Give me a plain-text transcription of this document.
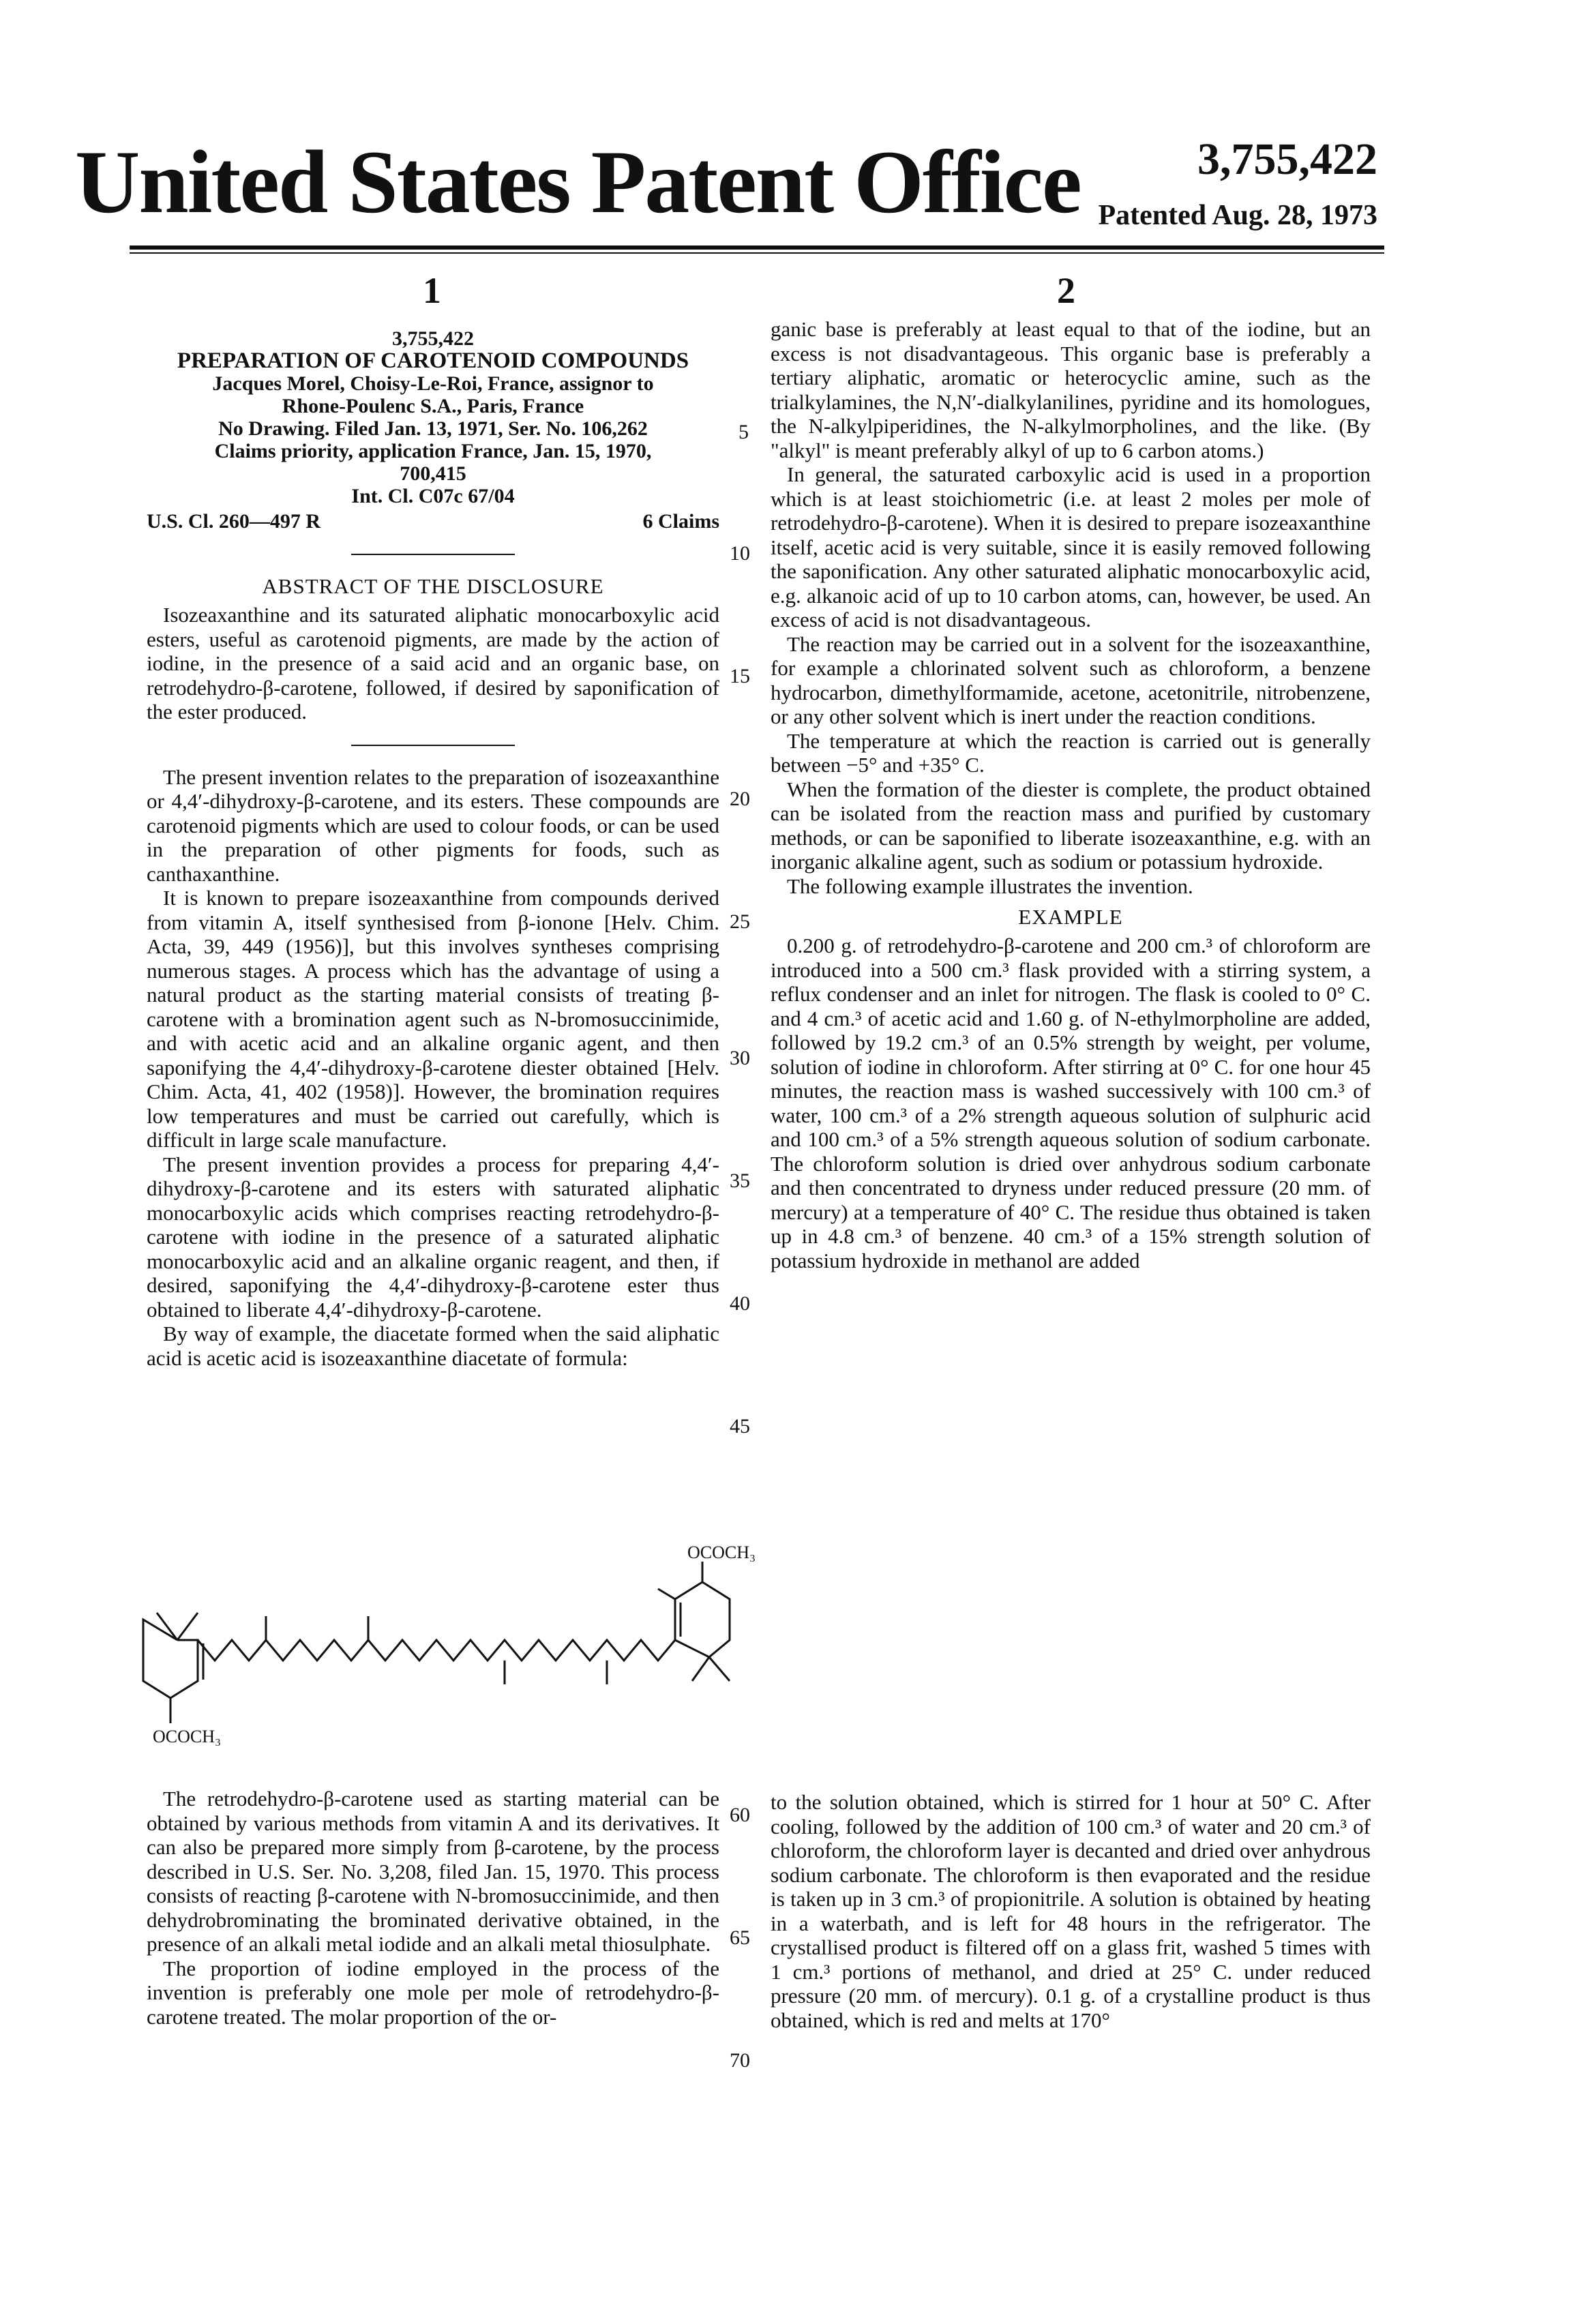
United States Patent Office	3,755,422
Patented Aug. 28, 1973
1	2

3,755,422

PREPARATION OF CAROTENOID COMPOUNDS

Jacques Morel, Choisy-Le-Roi, France, assignor to

Rhone-Poulenc S.A., Paris, France

No Drawing. Filed Jan. 13, 1971, Ser. No. 106,262

Claims priority, application France, Jan. 15, 1970,

700,415

Int. Cl. C07c 67/04

U.S. Cl. 260—497 R	6 Claims

ABSTRACT OF THE DISCLOSURE

Isozeaxanthine and its saturated aliphatic monocarboxylic acid esters, useful as carotenoid pigments, are made by the action of iodine, in the presence of a said acid and an organic base, on retrodehydro-β-carotene, followed, if desired by saponification of the ester produced.

The present invention relates to the preparation of isozeaxanthine or 4,4′-dihydroxy-β-carotene, and its esters. These compounds are carotenoid pigments which are used to colour foods, or can be used in the preparation of other pigments for foods, such as canthaxanthine.

It is known to prepare isozeaxanthine from compounds derived from vitamin A, itself synthesised from β-ionone [Helv. Chim. Acta, 39, 449 (1956)], but this involves syntheses comprising numerous stages. A process which has the advantage of using a natural product as the starting material consists of treating β-carotene with a bromination agent such as N-bromosuccinimide, and with acetic acid and an alkaline organic agent, and then saponifying the 4,4′-dihydroxy-β-carotene diester obtained [Helv. Chim. Acta, 41, 402 (1958)]. However, the bromination requires low temperatures and must be carried out carefully, which is difficult in large scale manufacture.

The present invention provides a process for preparing 4,4′-dihydroxy-β-carotene and its esters with saturated aliphatic monocarboxylic acids which comprises reacting retrodehydro-β-carotene with iodine in the presence of a saturated aliphatic monocarboxylic acid and an alkaline organic reagent, and then, if desired, saponifying the 4,4′-dihydroxy-β-carotene ester thus obtained to liberate 4,4′-dihydroxy-β-carotene.

By way of example, the diacetate formed when the said aliphatic acid is acetic acid is isozeaxanthine diacetate of formula:

ganic base is preferably at least equal to that of the iodine, but an excess is not disadvantageous. This organic base is preferably a tertiary aliphatic, aromatic or heterocyclic amine, such as the trialkylamines, the N,N′-dialkylanilines, pyridine and its homologues, the N-alkylpiperidines, the N-alkylmorpholines, and the like. (By "alkyl" is meant preferably alkyl of up to 6 carbon atoms.)

In general, the saturated carboxylic acid is used in a proportion which is at least stoichiometric (i.e. at least 2 moles per mole of retrodehydro-β-carotene). When it is desired to prepare isozeaxanthine itself, acetic acid is very suitable, since it is easily removed following the saponification. Any other saturated aliphatic monocarboxylic acid, e.g. alkanoic acid of up to 10 carbon atoms, can, however, be used. An excess of acid is not disadvantageous.

The reaction may be carried out in a solvent for the isozeaxanthine, for example a chlorinated solvent such as chloroform, a benzene hydrocarbon, dimethylformamide, acetone, acetonitrile, nitrobenzene, or any other solvent which is inert under the reaction conditions.

The temperature at which the reaction is carried out is generally between −5° and +35° C.

When the formation of the diester is complete, the product obtained can be isolated from the reaction mass and purified by customary methods, or can be saponified to liberate isozeaxanthine, e.g. with an inorganic alkaline agent, such as sodium or potassium hydroxide.

The following example illustrates the invention.

EXAMPLE

0.200 g. of retrodehydro-β-carotene and 200 cm.³ of chloroform are introduced into a 500 cm.³ flask provided with a stirring system, a reflux condenser and an inlet for nitrogen. The flask is cooled to 0° C. and 4 cm.³ of acetic acid and 1.60 g. of N-ethylmorpholine are added, followed by 19.2 cm.³ of an 0.5% strength by weight, per volume, solution of iodine in chloroform. After stirring at 0° C. for one hour 45 minutes, the reaction mass is washed successively with 100 cm.³ of water, 100 cm.³ of a 2% strength aqueous solution of sulphuric acid and 100 cm.³ of a 5% strength aqueous solution of sodium carbonate. The chloroform solution is dried over anhydrous sodium carbonate and then concentrated to dryness under reduced pressure (20 mm. of mercury) at a temperature of 40° C. The residue thus obtained is taken up in 4.8 cm.³ of benzene. 40 cm.³ of a 15% strength solution of potassium hydroxide in methanol are added

5
10
15
20
25
30
35
40
45
60
65
70
OCOCH₃
OCOCH₃

The retrodehydro-β-carotene used as starting material can be obtained by various methods from vitamin A and its derivatives. It can also be prepared more simply from β-carotene, by the process described in U.S. Ser. No. 3,208, filed Jan. 15, 1970. This process consists of reacting β-carotene with N-bromosuccinimide, and then dehydrobrominating the brominated derivative obtained, in the presence of an alkali metal iodide and an alkali metal thiosulphate.

The proportion of iodine employed in the process of the invention is preferably one mole per mole of retrodehydro-β-carotene treated. The molar proportion of the or-

to the solution obtained, which is stirred for 1 hour at 50° C. After cooling, followed by the addition of 100 cm.³ of water and 20 cm.³ of chloroform, the chloroform layer is decanted and dried over anhydrous sodium carbonate. The chloroform is then evaporated and the residue is taken up in 3 cm.³ of propionitrile. A solution is obtained by heating in a waterbath, and is left for 48 hours in the refrigerator. The crystallised product is filtered off on a glass frit, washed 5 times with 1 cm.³ portions of methanol, and dried at 25° C. under reduced pressure (20 mm. of mercury). 0.1 g. of a crystalline product is thus obtained, which is red and melts at 170°
